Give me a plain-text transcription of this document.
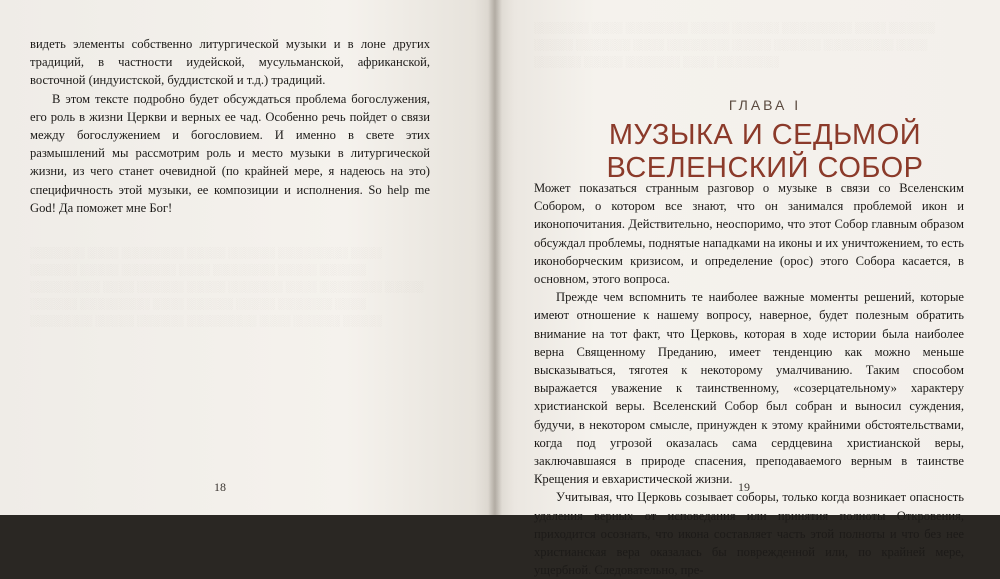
░░░░░░░ ░░░░ ░░░░░░░░ ░░░░░ ░░░░░░ ░░░░░░░░░ ░░░░ ░░░░░░ ░░░░░ ░░░░░░░ ░░░░ ░░░░░░░░ ░░░░░ ░░░░░░ ░░░░░░░░░ ░░░░ ░░░░░░ ░░░░░ ░░░░░░░ ░░░░ ░░░░░░░░ ░░░░░ ░░░░░░ ░░░░░░░░░ ░░░░ ░░░░░░ ░░░░░ ░░░░░░░ ░░░░ ░░░░░░░░ ░░░░░ ░░░░░░ ░░░░░░░░░ ░░░░ ░░░░░░ ░░░░░

видеть элементы собственно литургической музыки и в лоне других традиций, в частности иудейской, мусульманской, африканской, восточной (индуистской, буддистской и т.д.) традиций.

В этом тексте подробно будет обсуждаться проблема богослужения, его роль в жизни Церкви и верных ее чад. Особенно речь пойдет о связи между богослужением и богословием. И именно в свете этих размышлений мы рассмотрим роль и место музыки в литургической жизни, из чего станет очевидной (по крайней мере, я надеюсь на это) специфичность этой музыки, ее композиции и исполнения. So help me God! Да поможет мне Бог!

18
░░░░░░░ ░░░░ ░░░░░░░░ ░░░░░ ░░░░░░ ░░░░░░░░░ ░░░░ ░░░░░░ ░░░░░ ░░░░░░░ ░░░░ ░░░░░░░░ ░░░░░ ░░░░░░ ░░░░░░░░░ ░░░░ ░░░░░░ ░░░░░ ░░░░░░░ ░░░░ ░░░░░░░░
ГЛАВА I
МУЗЫКА И СЕДЬМОЙ
ВСЕЛЕНСКИЙ СОБОР

Может показаться странным разговор о музыке в связи со Вселенским Собором, о котором все знают, что он занимался проблемой икон и иконопочитания. Действительно, неоспоримо, что этот Собор главным образом обсуждал проблемы, поднятые нападками на иконы и их уничтожением, то есть иконоборческим кризисом, и определение (орос) этого Собора касается, в основном, этого вопроса.

Прежде чем вспомнить те наиболее важные моменты решений, которые имеют отношение к нашему вопросу, наверное, будет полезным обратить внимание на тот факт, что Церковь, которая в ходе истории была наиболее верна Священному Преданию, имеет тенденцию как можно меньше высказываться, тяготея к некоторому умалчиванию. Таким способом выражается уважение к таинственному, «созерцательному» характеру христианской веры. Вселенский Собор был собран и выносил суждения, будучи, в некотором смысле, принужден к этому крайними обстоятельствами, когда под угрозой оказалась сама сердцевина христианской веры, заключавшаяся в природе спасения, преподаваемого верным в таинстве Крещения и евхаристической жизни.

Учитывая, что Церковь созывает соборы, только когда возникает опасность удаления верных от исповедания или принятия полноты Откровения, приходится осознать, что икона составляет часть этой полноты и что без нее христианская вера оказалась бы поврежденной или, по крайней мере, ущербной. Следовательно, пре-

19
